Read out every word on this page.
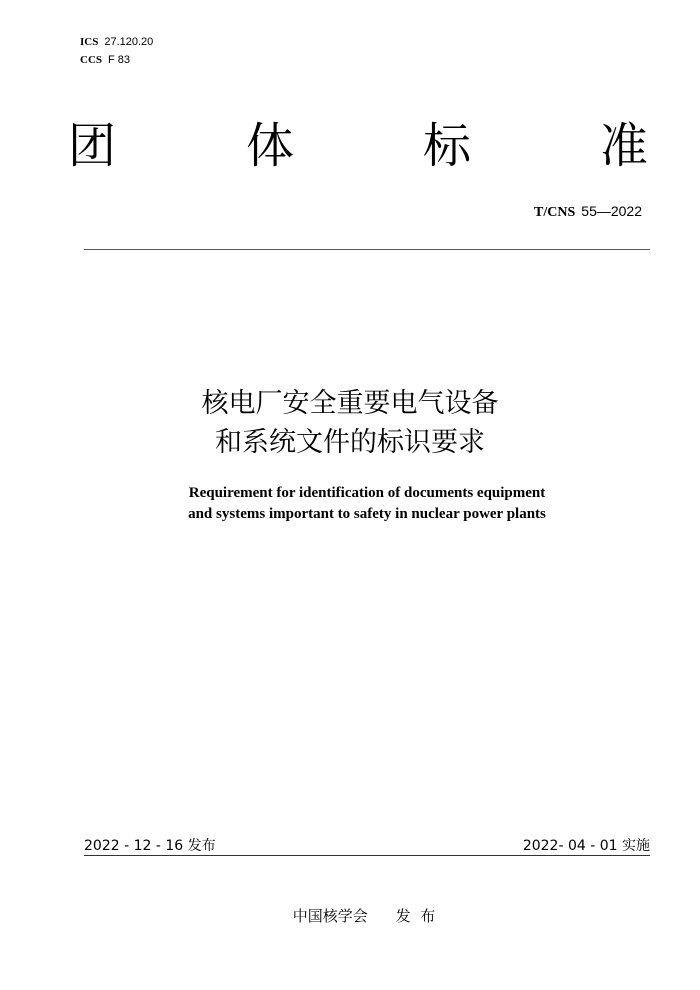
ICS 27.120.20
CCS F 83
团	体	标	准
T/CNS 55—2022
核电厂安全重要电气设备
和系统文件的标识要求
Requirement for identification of documents equipment
and systems important to safety in nuclear power plants
2022 - 12 - 16 发布	2022- 04 - 01 实施
中国核学会 发  布
